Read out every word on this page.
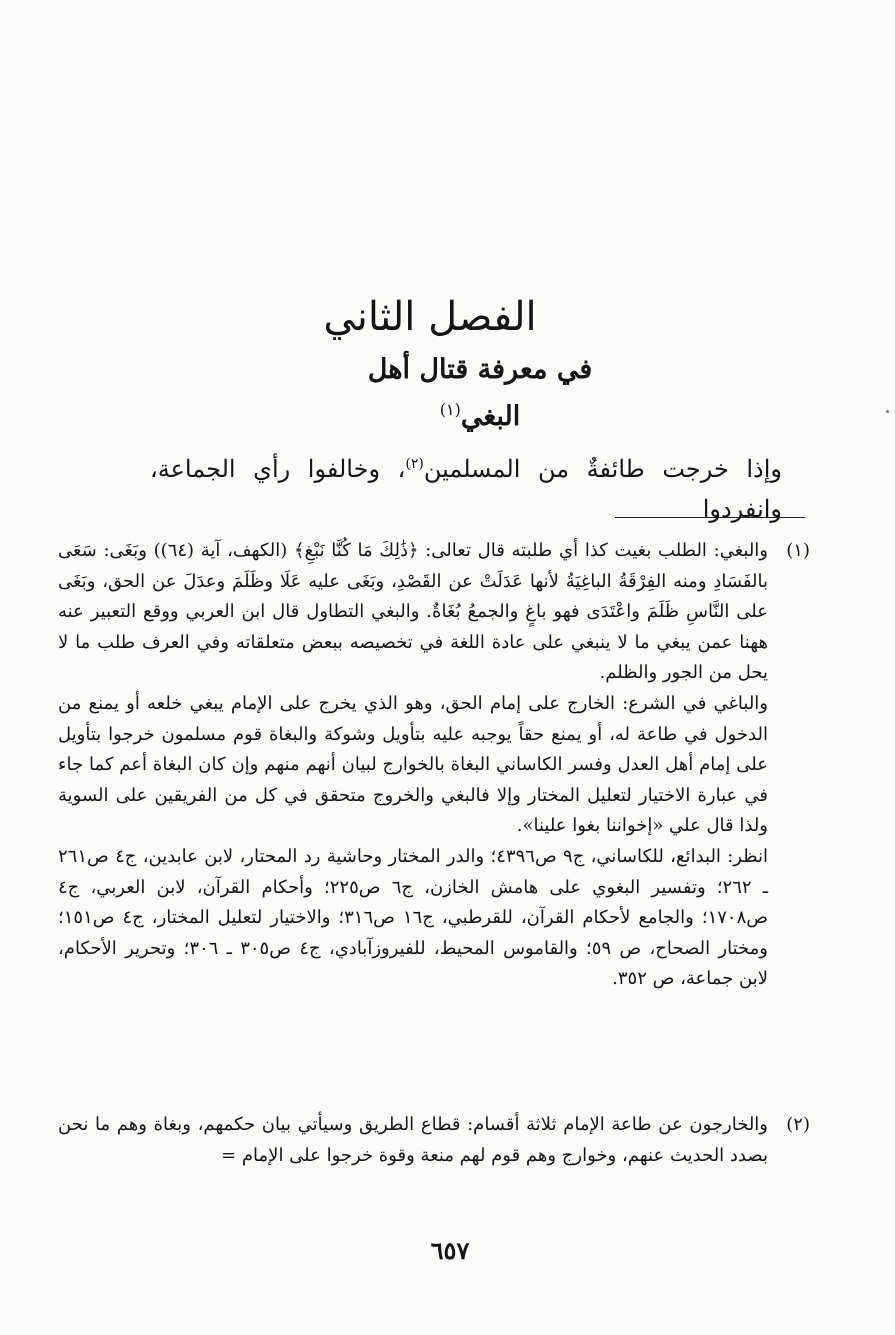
الفصل الثاني
في معرفة قتال أهل البغي$^{(١)}$
وإذا خرجت طائفةٌ من المسلمين$^{(٢)}$، وخالفوا رأي الجماعة، وانفردوا
(١)

والبغي: الطلب بغيت كذا أي طلبته قال تعالى: ﴿ذَٰلِكَ مَا كُنَّا نَبْغِ﴾ (الكهف، آية (٦٤)) وبَغَى: سَعَى بالفَسَادِ ومنه الفِرْقَةُ الباغِيَةُ لأنها عَدَلَتْ عن القَصْدِ، وبَغَى عليه عَلَا وظَلَمَ وعدَلَ عن الحق، وبَغَى على النَّاسِ ظَلَمَ واعْتَدَى فهو باغٍ والجمعُ بُغَاةٌ. والبغي التطاول قال ابن العربي ووقع التعبير عنه ههنا عمن يبغي ما لا ينبغي على عادة اللغة في تخصيصه ببعض متعلقاته وفي العرف طلب ما لا يحل من الجور والظلم.

والباغي في الشرع: الخارج على إمام الحق، وهو الذي يخرج على الإمام يبغي خلعه أو يمنع من الدخول في طاعة له، أو يمنع حقاً يوجبه عليه بتأويل وشوكة والبغاة قوم مسلمون خرجوا بتأويل على إمام أهل العدل وفسر الكاساني البغاة بالخوارج لبيان أنهم منهم وإن كان البغاة أعم كما جاء في عبارة الاختيار لتعليل المختار وإلا فالبغي والخروج متحقق في كل من الفريقين على السوية ولذا قال علي «إخواننا بغوا علينا».

انظر: البدائع، للكاساني، ج٩ ص٤٣٩٦؛ والدر المختار وحاشية رد المحتار، لابن عابدين، ج٤ ص٢٦١ ـ ٢٦٢؛ وتفسير البغوي على هامش الخازن، ج٦ ص٢٢٥؛ وأحكام القرآن، لابن العربي، ج٤ ص١٧٠٨؛ والجامع لأحكام القرآن، للقرطبي، ج١٦ ص٣١٦؛ والاختيار لتعليل المختار، ج٤ ص١٥١؛ ومختار الصحاح، ص ٥٩؛ والقاموس المحيط، للفيروزآبادي، ج٤ ص٣٠٥ ـ ٣٠٦؛ وتحرير الأحكام، لابن جماعة، ص ٣٥٢.

(٢)

والخارجون عن طاعة الإمام ثلاثة أقسام: قطاع الطريق وسيأتي بيان حكمهم، وبغاة وهم ما نحن بصدد الحديث عنهم، وخوارج وهم قوم لهم منعة وقوة خرجوا على الإمام =

٦٥٧
